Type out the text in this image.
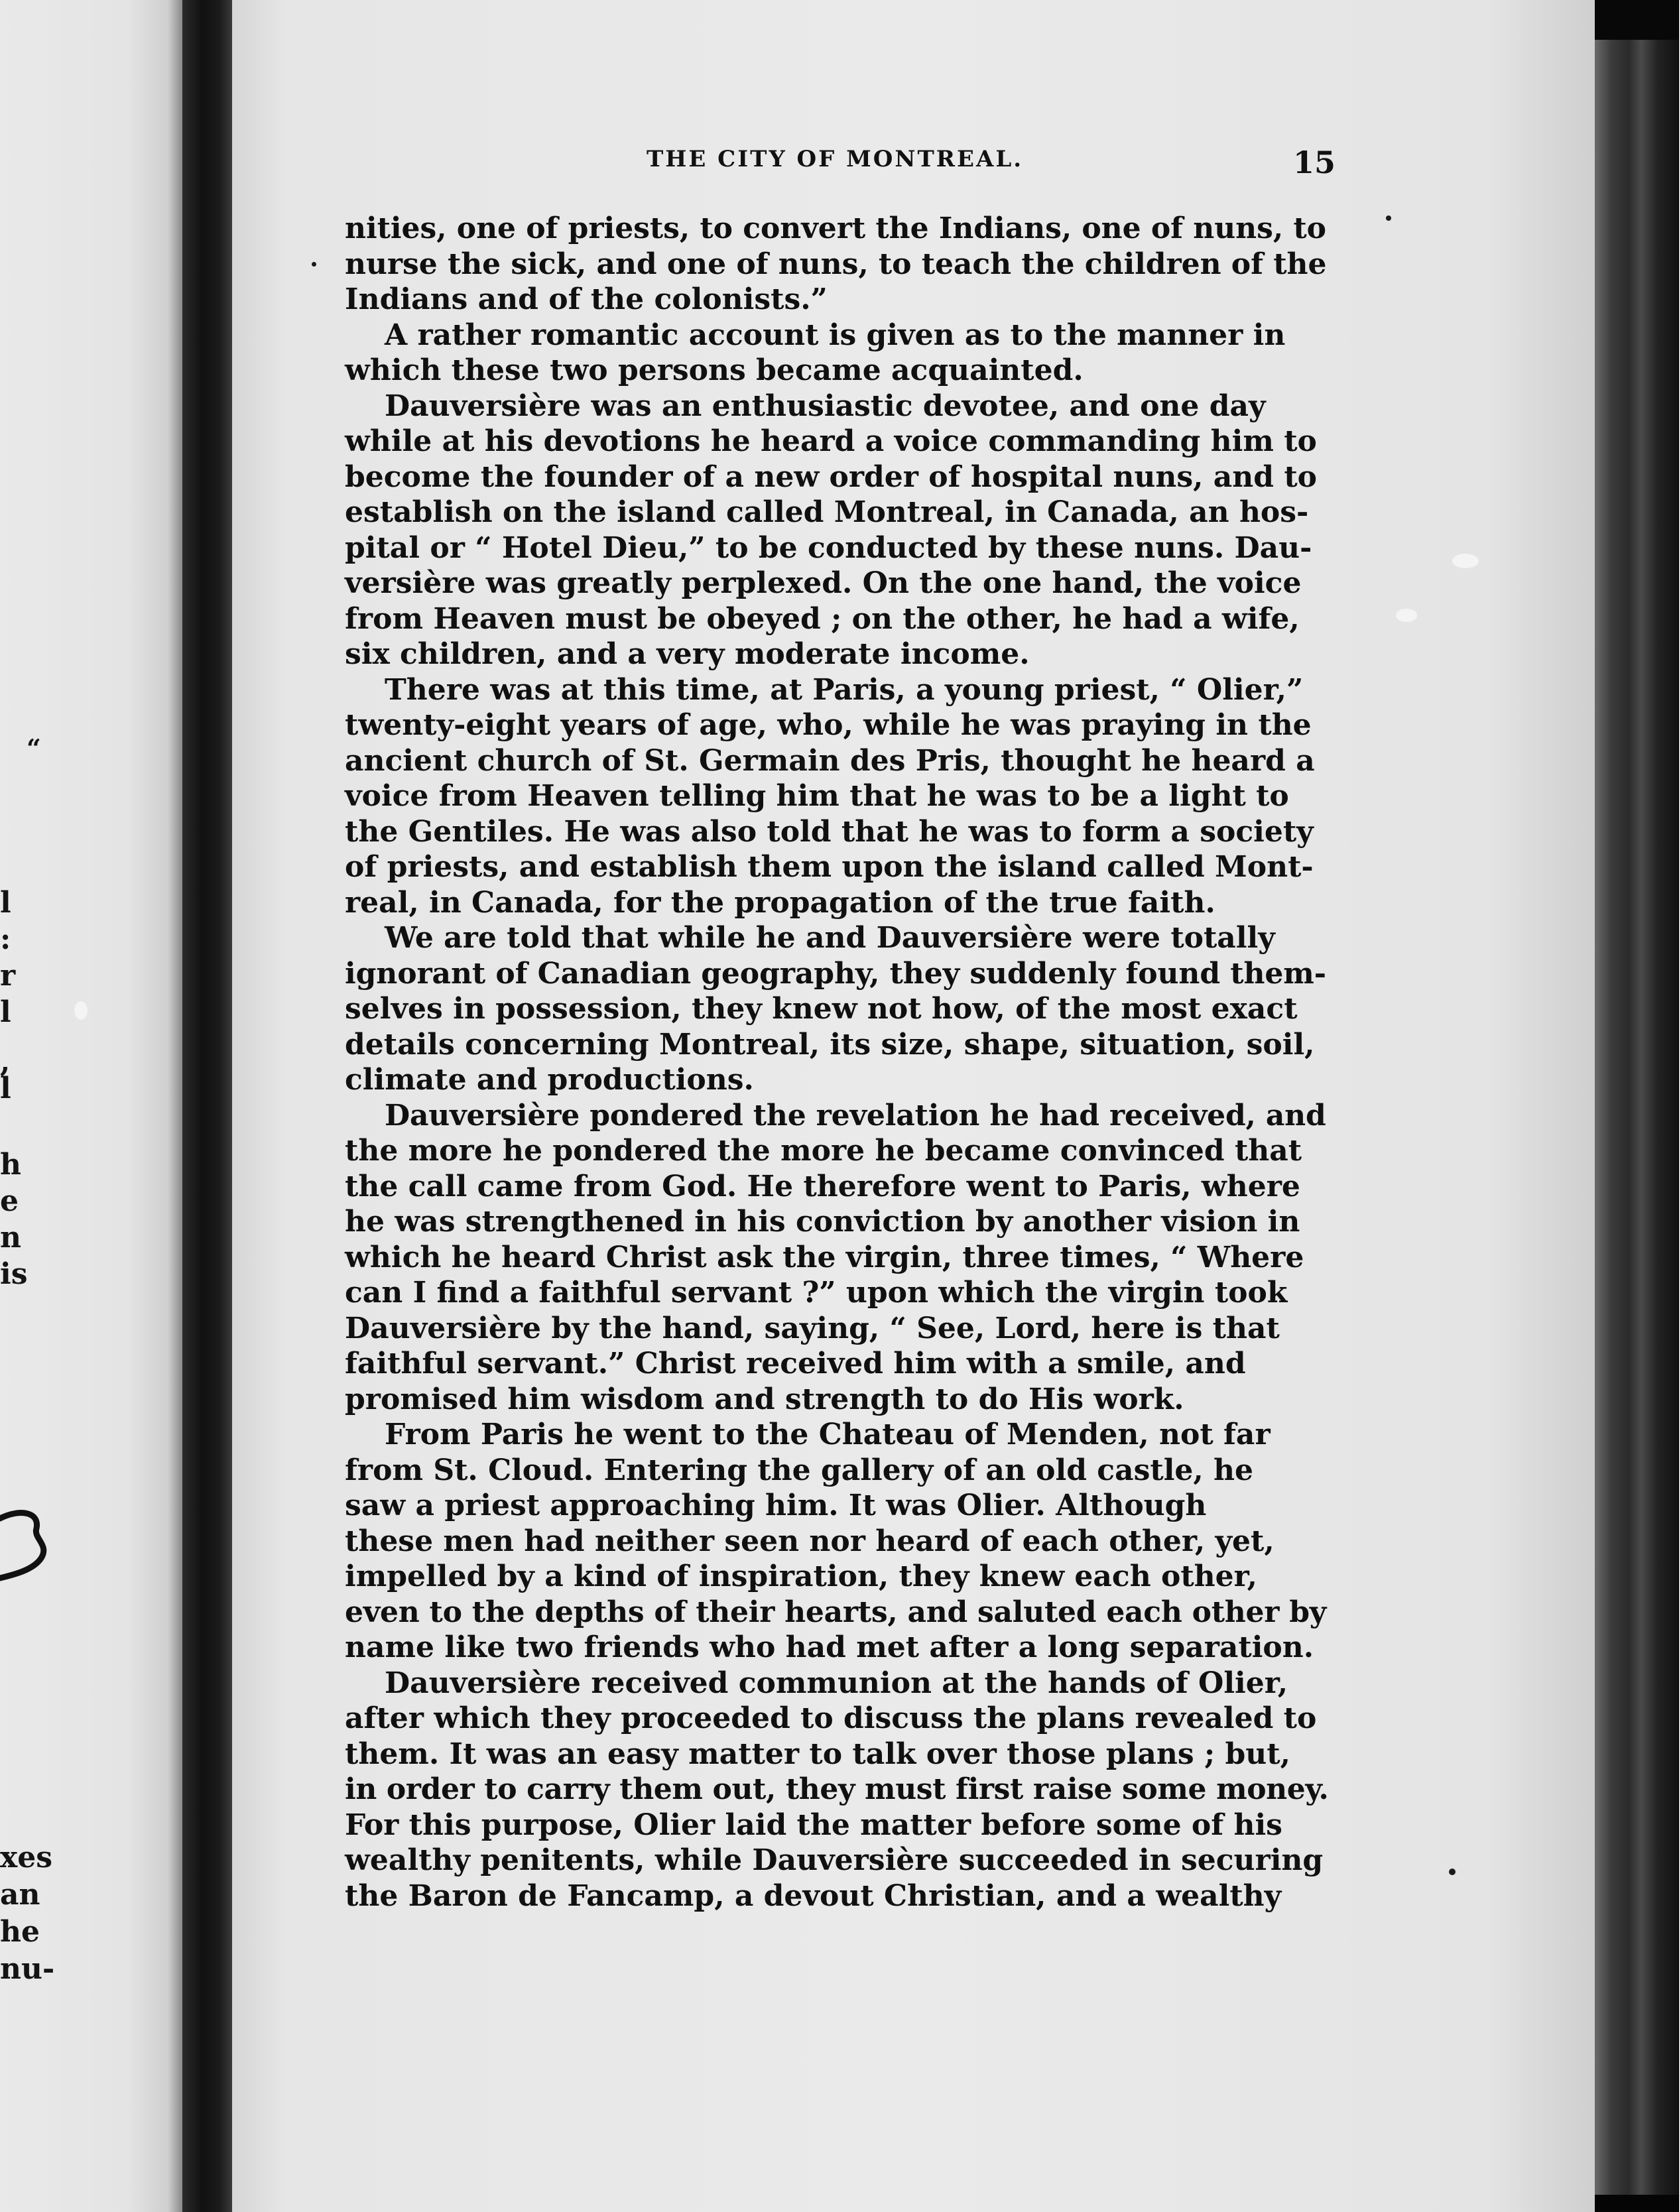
“
l
:
r
l
,
l
h
e
n
is
xes
an
he
nu-
THE CITY OF MONTREAL.	15
nities, one of priests, to convert the Indians, one of nuns, to
nurse the sick, and one of nuns, to teach the children of the
Indians and of the colonists.”
A rather romantic account is given as to the manner in
which these two persons became acquainted.
Dauversière was an enthusiastic devotee, and one day
while at his devotions he heard a voice commanding him to
become the founder of a new order of hospital nuns, and to
establish on the island called Montreal, in Canada, an hos-
pital or “ Hotel Dieu,” to be conducted by these nuns. Dau-
versière was greatly perplexed. On the one hand, the voice
from Heaven must be obeyed ; on the other, he had a wife,
six children, and a very moderate income.
There was at this time, at Paris, a young priest, “ Olier,”
twenty-eight years of age, who, while he was praying in the
ancient church of St. Germain des Pris, thought he heard a
voice from Heaven telling him that he was to be a light to
the Gentiles. He was also told that he was to form a society
of priests, and establish them upon the island called Mont-
real, in Canada, for the propagation of the true faith.
We are told that while he and Dauversière were totally
ignorant of Canadian geography, they suddenly found them-
selves in possession, they knew not how, of the most exact
details concerning Montreal, its size, shape, situation, soil,
climate and productions.
Dauversière pondered the revelation he had received, and
the more he pondered the more he became convinced that
the call came from God. He therefore went to Paris, where
he was strengthened in his conviction by another vision in
which he heard Christ ask the virgin, three times, “ Where
can I find a faithful servant ?” upon which the virgin took
Dauversière by the hand, saying, “ See, Lord, here is that
faithful servant.” Christ received him with a smile, and
promised him wisdom and strength to do His work.
From Paris he went to the Chateau of Menden, not far
from St. Cloud. Entering the gallery of an old castle, he
saw a priest approaching him. It was Olier. Although
these men had neither seen nor heard of each other, yet,
impelled by a kind of inspiration, they knew each other,
even to the depths of their hearts, and saluted each other by
name like two friends who had met after a long separation.
Dauversière received communion at the hands of Olier,
after which they proceeded to discuss the plans revealed to
them. It was an easy matter to talk over those plans ; but,
in order to carry them out, they must first raise some money.
For this purpose, Olier laid the matter before some of his
wealthy penitents, while Dauversière succeeded in securing
the Baron de Fancamp, a devout Christian, and a wealthy
